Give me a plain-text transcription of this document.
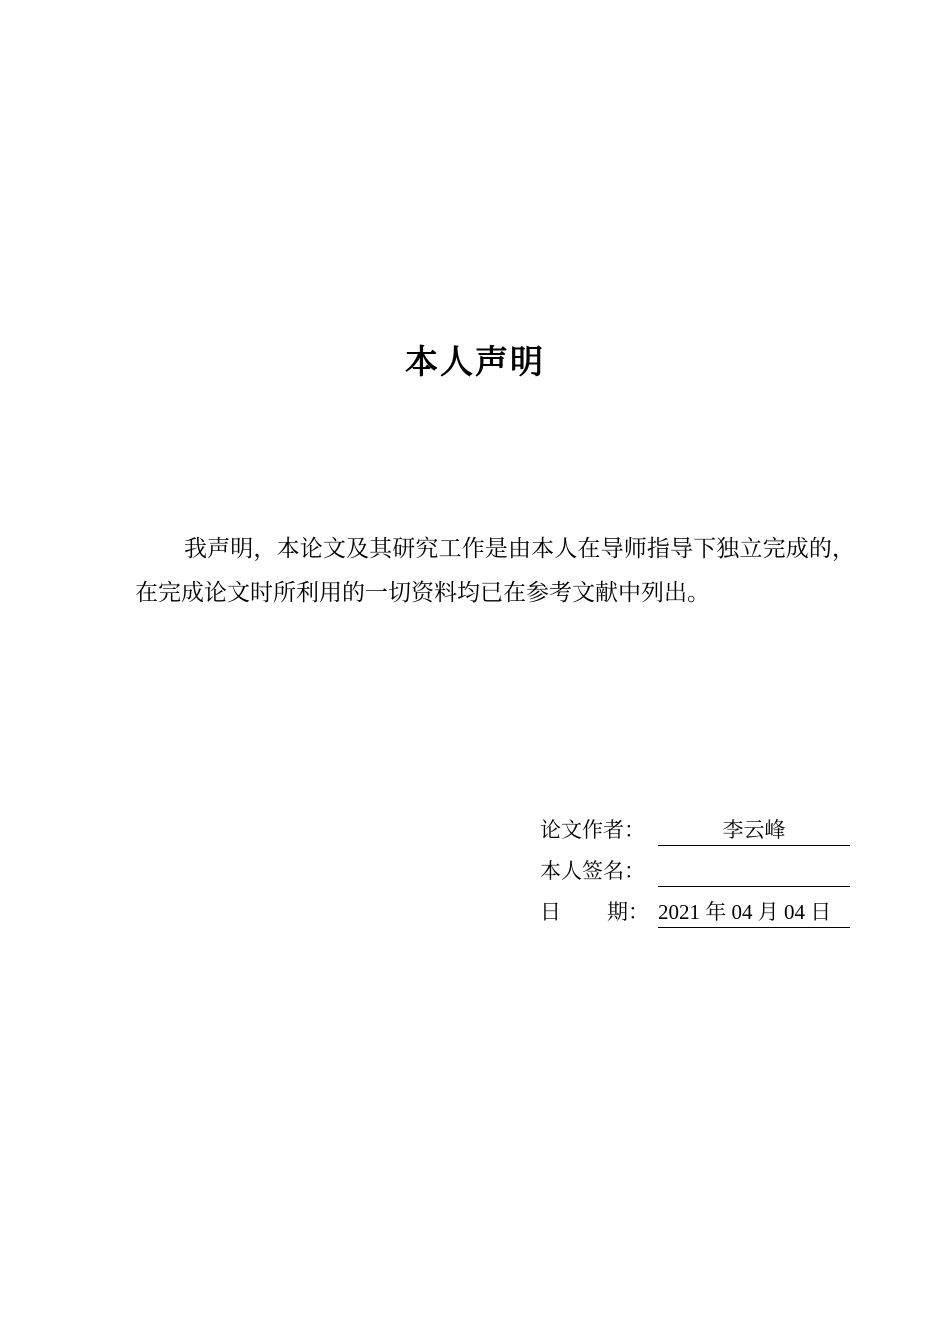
本人声明
我声明，本论文及其研究工作是由本人在导师指导下独立完成的，在完成论文时所利用的一切资料均已在参考文献中列出。
论文作者：	李云峰
本人签名：
日 期： 2021 年 04 月 04 日
